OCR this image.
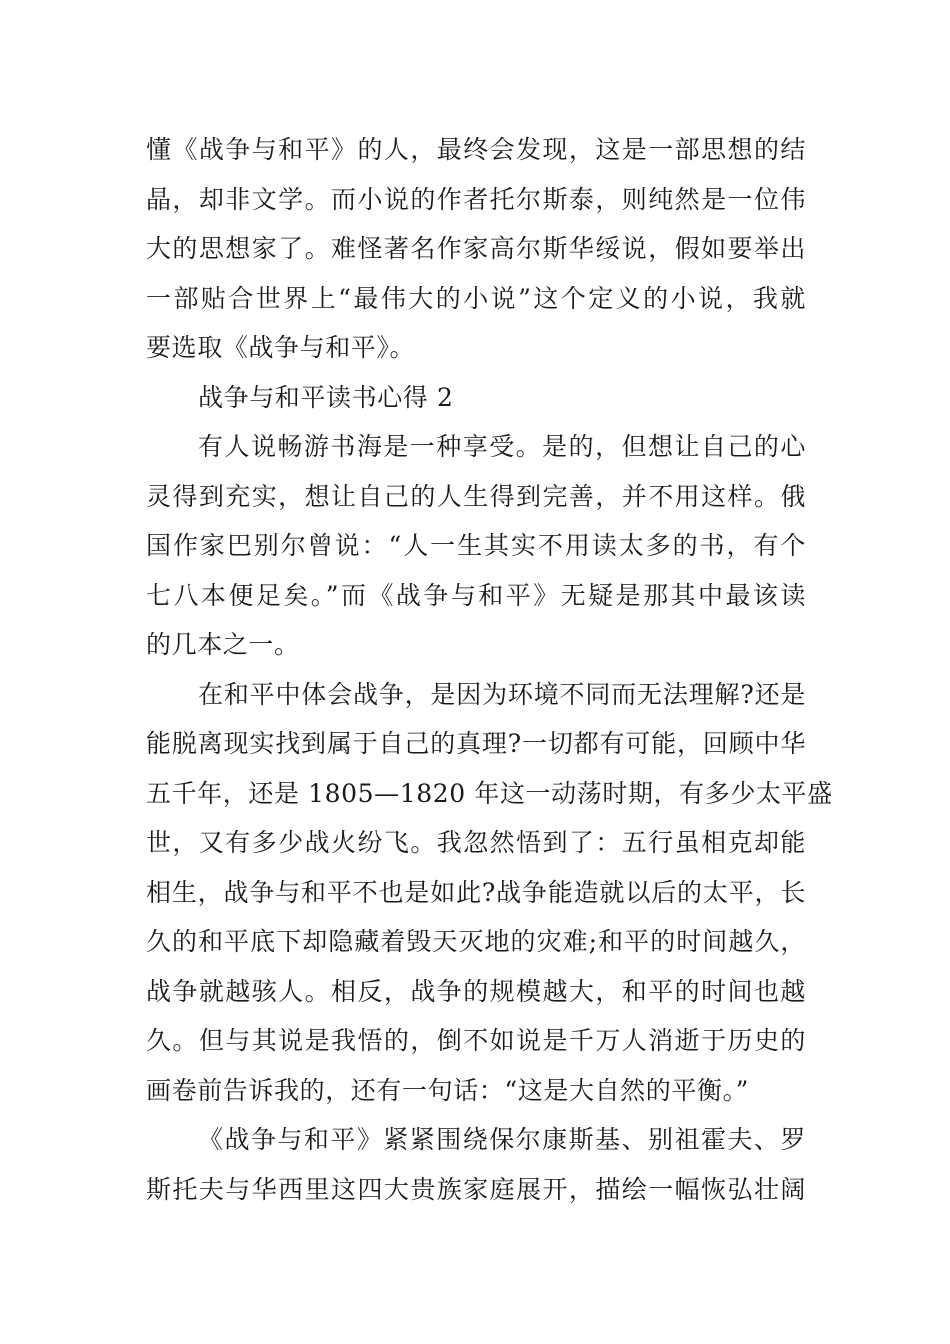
懂《战争与和平》的人，最终会发现，这是一部思想的结
晶，却非文学。而小说的作者托尔斯泰，则纯然是一位伟
大的思想家了。难怪著名作家高尔斯华绥说，假如要举出
一部贴合世界上“最伟大的小说”这个定义的小说，我就
要选取《战争与和平》。
战争与和平读书心得 2
有人说畅游书海是一种享受。是的，但想让自己的心
灵得到充实，想让自己的人生得到完善，并不用这样。俄
国作家巴别尔曾说：“人一生其实不用读太多的书，有个
七八本便足矣。”而《战争与和平》无疑是那其中最该读
的几本之一。
在和平中体会战争，是因为环境不同而无法理解?还是
能脱离现实找到属于自己的真理?一切都有可能，回顾中华
五千年，还是 1805—1820 年这一动荡时期，有多少太平盛
世，又有多少战火纷飞。我忽然悟到了：五行虽相克却能
相生，战争与和平不也是如此?战争能造就以后的太平，长
久的和平底下却隐藏着毁天灭地的灾难;和平的时间越久，
战争就越骇人。相反，战争的规模越大，和平的时间也越
久。但与其说是我悟的，倒不如说是千万人消逝于历史的
画卷前告诉我的，还有一句话：“这是大自然的平衡。”
《战争与和平》紧紧围绕保尔康斯基、别祖霍夫、罗
斯托夫与华西里这四大贵族家庭展开，描绘一幅恢弘壮阔
